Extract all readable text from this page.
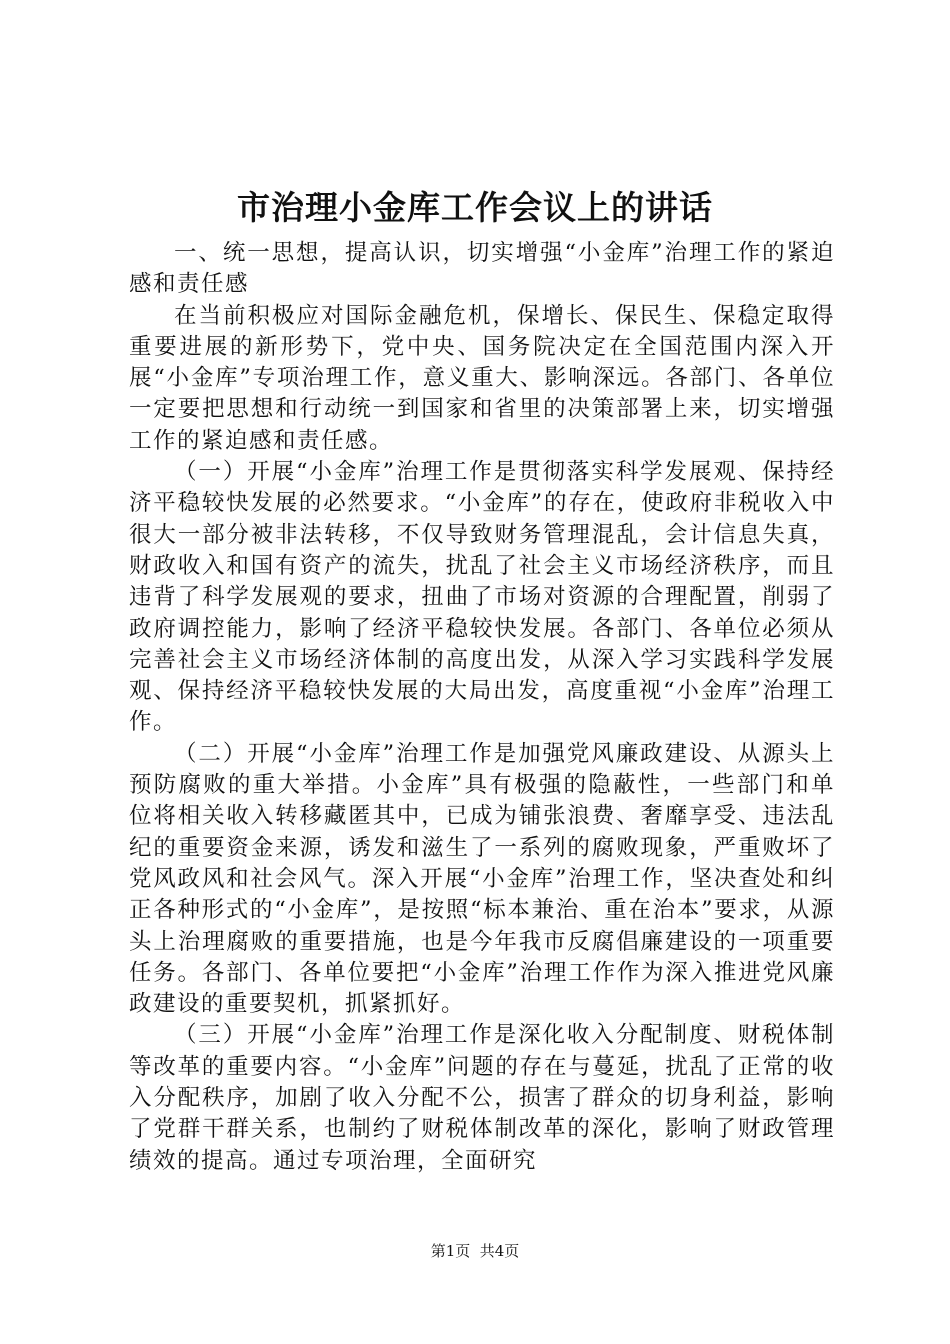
市治理小金库工作会议上的讲话

一、统一思想，提高认识，切实增强“小金库”治理工作的紧迫感和责任感

在当前积极应对国际金融危机，保增长、保民生、保稳定取得重要进展的新形势下，党中央、国务院决定在全国范围内深入开展“小金库”专项治理工作，意义重大、影响深远。各部门、各单位一定要把思想和行动统一到国家和省里的决策部署上来，切实增强工作的紧迫感和责任感。

（一）开展“小金库”治理工作是贯彻落实科学发展观、保持经济平稳较快发展的必然要求。“小金库”的存在，使政府非税收入中很大一部分被非法转移，不仅导致财务管理混乱，会计信息失真，财政收入和国有资产的流失，扰乱了社会主义市场经济秩序，而且违背了科学发展观的要求，扭曲了市场对资源的合理配置，削弱了政府调控能力，影响了经济平稳较快发展。各部门、各单位必须从完善社会主义市场经济体制的高度出发，从深入学习实践科学发展观、保持经济平稳较快发展的大局出发，高度重视“小金库”治理工作。

（二）开展“小金库”治理工作是加强党风廉政建设、从源头上预防腐败的重大举措。小金库”具有极强的隐蔽性，一些部门和单位将相关收入转移藏匿其中，已成为铺张浪费、奢靡享受、违法乱纪的重要资金来源，诱发和滋生了一系列的腐败现象，严重败坏了党风政风和社会风气。深入开展“小金库”治理工作，坚决查处和纠正各种形式的“小金库”，是按照“标本兼治、重在治本”要求，从源头上治理腐败的重要措施，也是今年我市反腐倡廉建设的一项重要任务。各部门、各单位要把“小金库”治理工作作为深入推进党风廉政建设的重要契机，抓紧抓好。

（三）开展“小金库”治理工作是深化收入分配制度、财税体制等改革的重要内容。“小金库”问题的存在与蔓延，扰乱了正常的收入分配秩序，加剧了收入分配不公，损害了群众的切身利益，影响了党群干群关系，也制约了财税体制改革的深化，影响了财政管理绩效的提高。通过专项治理，全面研究

第1页  共4页
